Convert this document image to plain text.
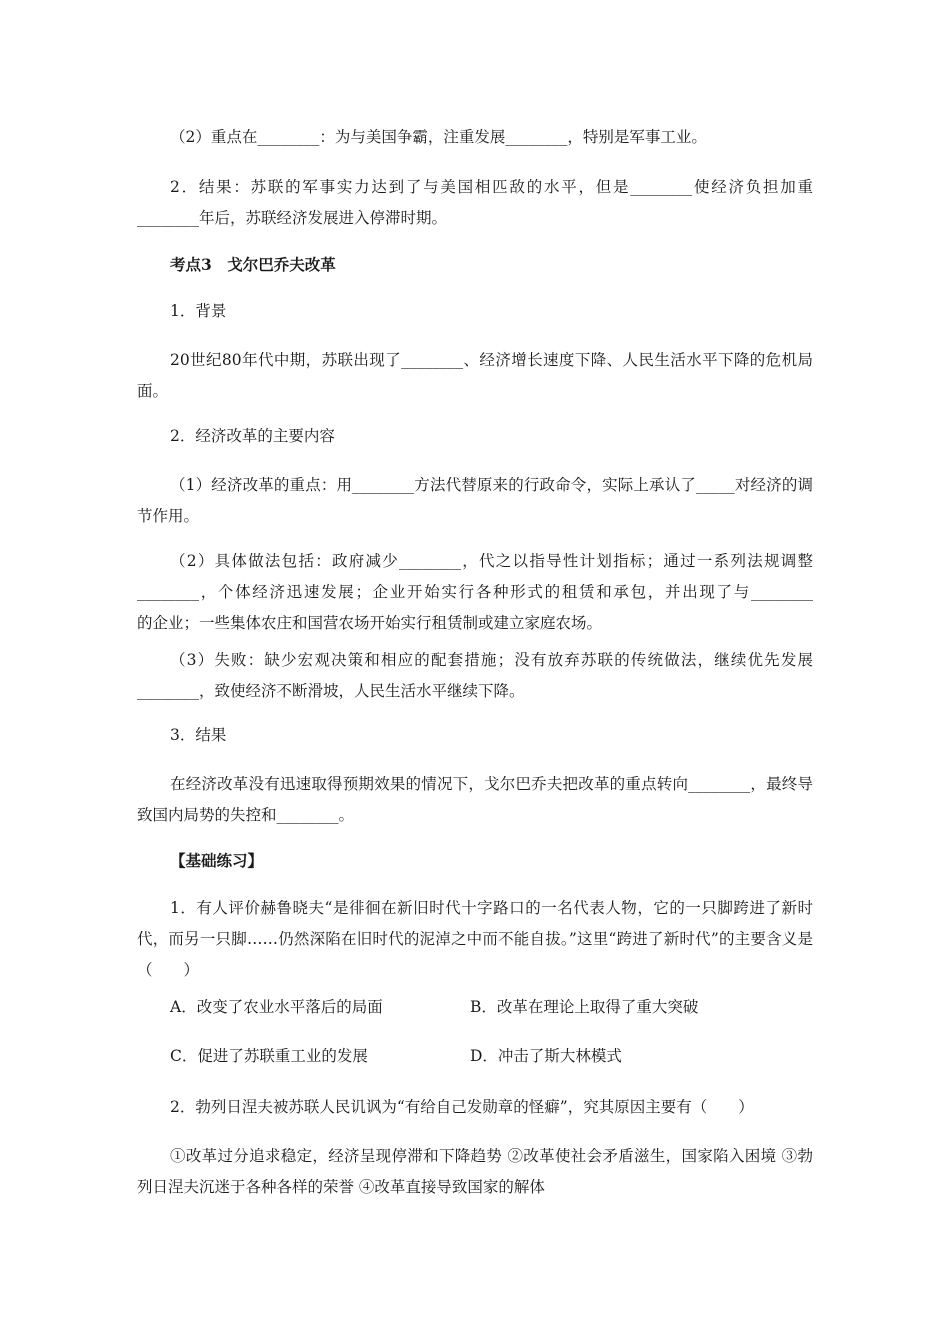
（2）重点在________：为与美国争霸，注重发展________，特别是军事工业。

2．结果：苏联的军事实力达到了与美国相匹敌的水平，但是________使经济负担加重________年后，苏联经济发展进入停滞时期。

考点3　戈尔巴乔夫改革

1．背景

20世纪80年代中期，苏联出现了________、经济增长速度下降、人民生活水平下降的危机局面。

2．经济改革的主要内容

（1）经济改革的重点：用________方法代替原来的行政命令，实际上承认了_____对经济的调节作用。

（2）具体做法包括：政府减少________，代之以指导性计划指标；通过一系列法规调整________，个体经济迅速发展；企业开始实行各种形式的租赁和承包，并出现了与________　　　的企业；一些集体农庄和国营农场开始实行租赁制或建立家庭农场。

（3）失败：缺少宏观决策和相应的配套措施；没有放弃苏联的传统做法，继续优先发展________，致使经济不断滑坡，人民生活水平继续下降。

3．结果

在经济改革没有迅速取得预期效果的情况下，戈尔巴乔夫把改革的重点转向________，最终导致国内局势的失控和________。

【基础练习】

1．有人评价赫鲁晓夫“是徘徊在新旧时代十字路口的一名代表人物，它的一只脚跨进了新时代，而另一只脚……仍然深陷在旧时代的泥淖之中而不能自拔。”这里“跨进了新时代”的主要含义是（　　）

A．改变了农业水平落后的局面	B．改革在理论上取得了重大突破

C．促进了苏联重工业的发展	D．冲击了斯大林模式

2．勃列日涅夫被苏联人民讥讽为“有给自己发勋章的怪癖”，究其原因主要有（　　）

①改革过分追求稳定，经济呈现停滞和下降趋势 ②改革使社会矛盾滋生，国家陷入困境 ③勃列日涅夫沉迷于各种各样的荣誉 ④改革直接导致国家的解体
